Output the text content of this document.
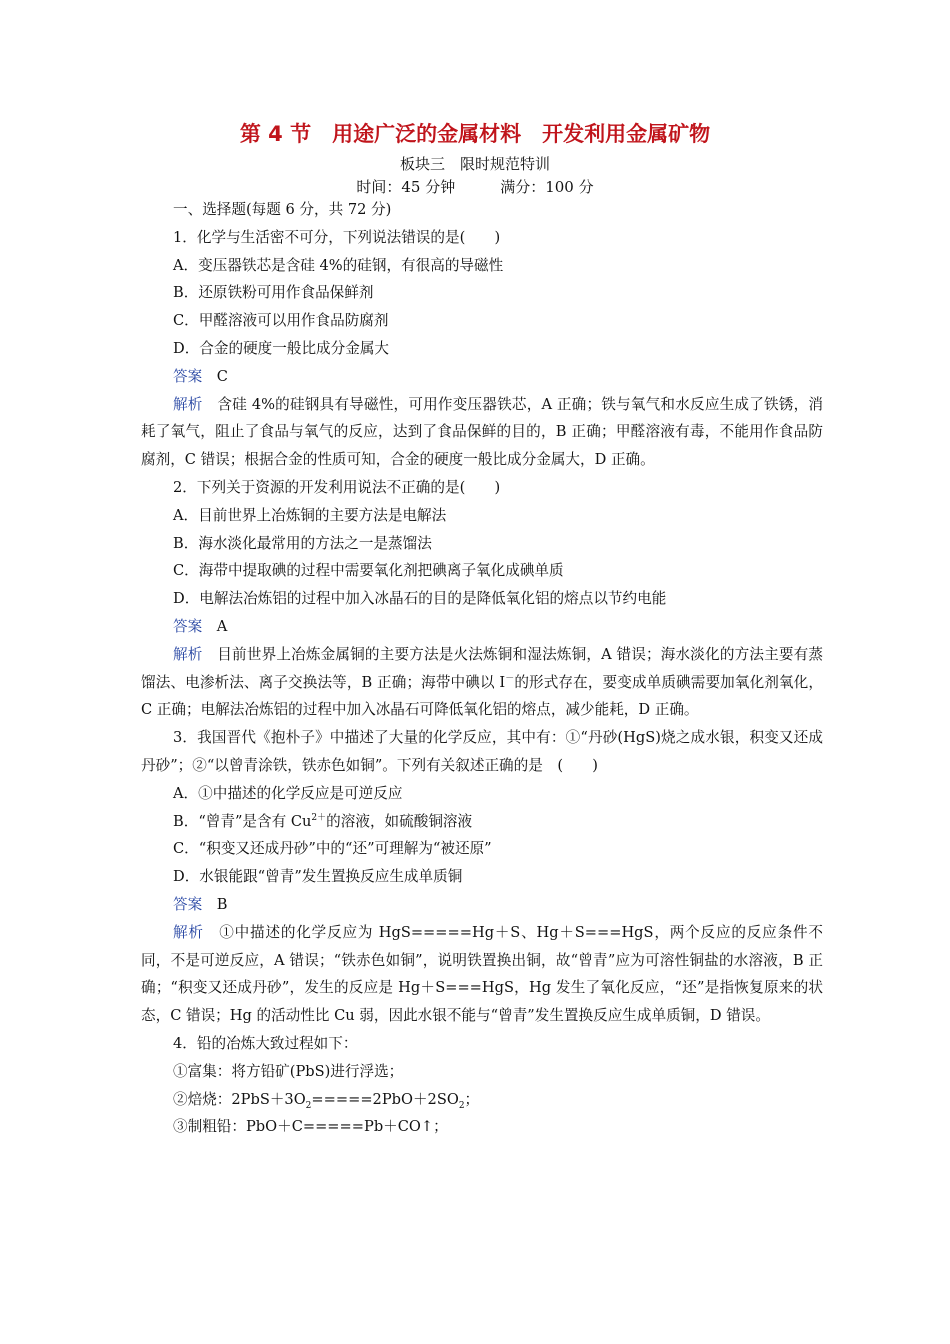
第 4 节　用途广泛的金属材料　开发利用金属矿物
板块三　限时规范特训
时间：45 分钟　　　满分：100 分

一、选择题(每题 6 分，共 72 分)

1．化学与生活密不可分，下列说法错误的是(　　)

A．变压器铁芯是含硅 4%的硅钢，有很高的导磁性

B．还原铁粉可用作食品保鲜剂

C．甲醛溶液可以用作食品防腐剂

D．合金的硬度一般比成分金属大

答案　C

解析　含硅 4%的硅钢具有导磁性，可用作变压器铁芯，A 正确；铁与氧气和水反应生成了铁锈，消耗了氧气，阻止了食品与氧气的反应，达到了食品保鲜的目的，B 正确；甲醛溶液有毒，不能用作食品防腐剂，C 错误；根据合金的性质可知，合金的硬度一般比成分金属大，D 正确。

2．下列关于资源的开发利用说法不正确的是(　　)

A．目前世界上冶炼铜的主要方法是电解法

B．海水淡化最常用的方法之一是蒸馏法

C．海带中提取碘的过程中需要氧化剂把碘离子氧化成碘单质

D．电解法冶炼铝的过程中加入冰晶石的目的是降低氧化铝的熔点以节约电能

答案　A

解析　目前世界上冶炼金属铜的主要方法是火法炼铜和湿法炼铜，A 错误；海水淡化的方法主要有蒸馏法、电渗析法、离子交换法等，B 正确；海带中碘以 I－的形式存在，要变成单质碘需要加氧化剂氧化，C 正确；电解法冶炼铝的过程中加入冰晶石可降低氧化铝的熔点，减少能耗，D 正确。

3．我国晋代《抱朴子》中描述了大量的化学反应，其中有：①“丹砂(HgS)烧之成水银，积变又还成丹砂”；②“以曾青涂铁，铁赤色如铜”。下列有关叙述正确的是　(　　)

A．①中描述的化学反应是可逆反应

B．“曾青”是含有 $Cu^{2+}$的溶液，如硫酸铜溶液

C．“积变又还成丹砂”中的“还”可理解为“被还原”

D．水银能跟“曾青”发生置换反应生成单质铜

答案　B

解析　①中描述的化学反应为 HgS=====Hg＋S、Hg＋S===HgS，两个反应的反应条件不同，不是可逆反应，A 错误；“铁赤色如铜”，说明铁置换出铜，故“曾青”应为可溶性铜盐的水溶液，B 正确；“积变又还成丹砂”，发生的反应是 Hg＋S===HgS，Hg 发生了氧化反应，“还”是指恢复原来的状态，C 错误；Hg 的活动性比 Cu 弱，因此水银不能与“曾青”发生置换反应生成单质铜，D 错误。

4．铅的冶炼大致过程如下：

①富集：将方铅矿(PbS)进行浮选；

②焙烧：$2PbS+3O_2=====2PbO+2SO_2$；

③制粗铅：PbO＋C=====Pb＋CO↑；
